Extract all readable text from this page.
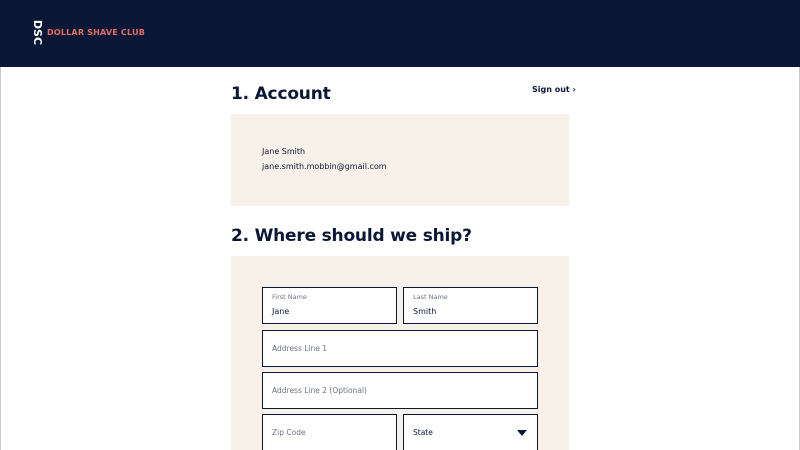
DSC DOLLAR SHAVE CLUB
1. Account	Sign out ›
Jane Smith
jane.smith.mobbin@gmail.com
2. Where should we ship?
First Name
Jane
Last Name
Smith
Address Line 1
Address Line 2 (Optional)
Zip Code	State
